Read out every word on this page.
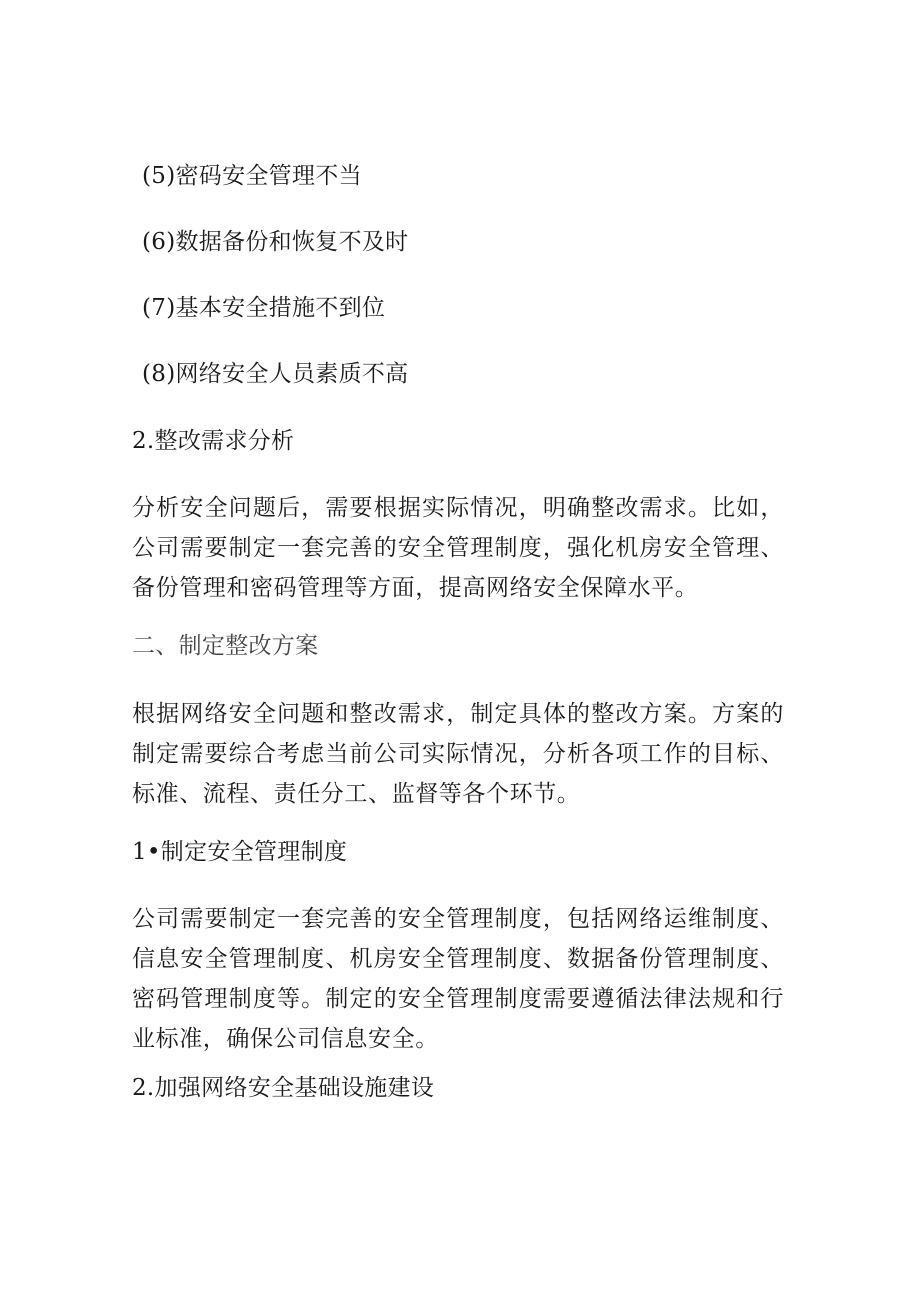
(5)密码安全管理不当
(6)数据备份和恢复不及时
(7)基本安全措施不到位
(8)网络安全人员素质不高
2.整改需求分析
分析安全问题后，需要根据实际情况，明确整改需求。比如，公司需要制定一套完善的安全管理制度，强化机房安全管理、备份管理和密码管理等方面，提高网络安全保障水平。
二、制定整改方案
根据网络安全问题和整改需求，制定具体的整改方案。方案的制定需要综合考虑当前公司实际情况，分析各项工作的目标、标准、流程、责任分工、监督等各个环节。
1•制定安全管理制度
公司需要制定一套完善的安全管理制度，包括网络运维制度、信息安全管理制度、机房安全管理制度、数据备份管理制度、密码管理制度等。制定的安全管理制度需要遵循法律法规和行业标准，确保公司信息安全。
2.加强网络安全基础设施建设
